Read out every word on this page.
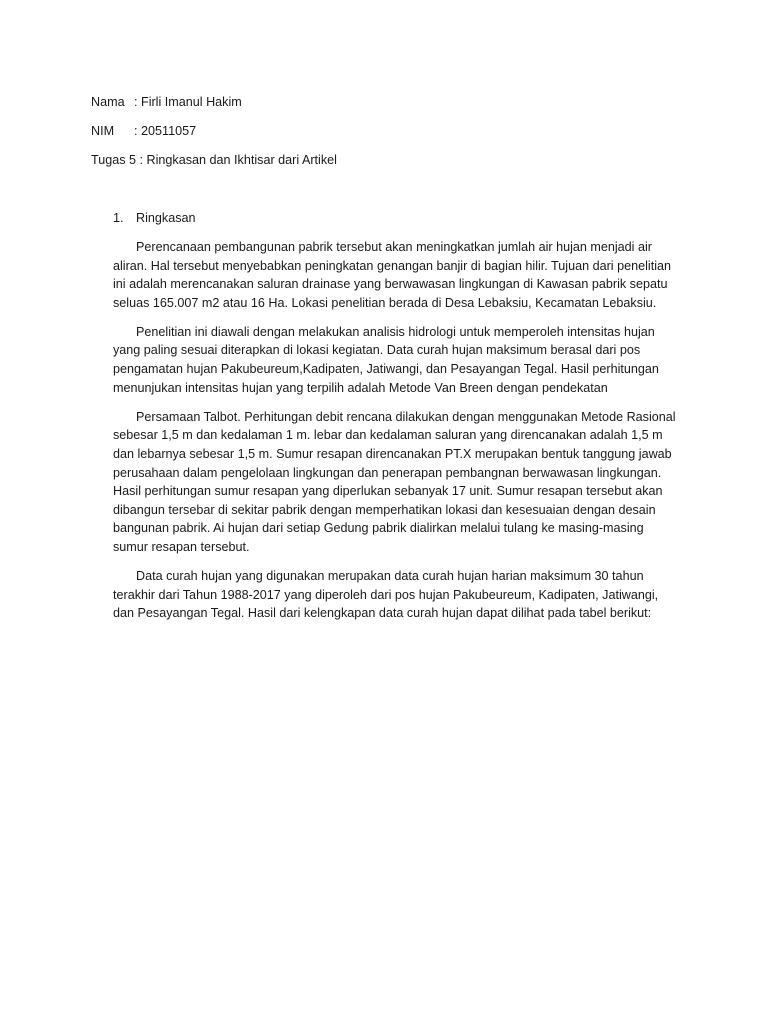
Nama : Firli Imanul Hakim
NIM : 20511057
Tugas 5 : Ringkasan dan Ikhtisar dari Artikel
1. Ringkasan
Perencanaan pembangunan pabrik tersebut akan meningkatkan jumlah air hujan menjadi air
aliran. Hal tersebut menyebabkan peningkatan genangan banjir di bagian hilir. Tujuan dari penelitian
ini adalah merencanakan saluran drainase yang berwawasan lingkungan di Kawasan pabrik sepatu
seluas 165.007 m2 atau 16 Ha. Lokasi penelitian berada di Desa Lebaksiu, Kecamatan Lebaksiu.
Penelitian ini diawali dengan melakukan analisis hidrologi untuk memperoleh intensitas hujan
yang paling sesuai diterapkan di lokasi kegiatan. Data curah hujan maksimum berasal dari pos
pengamatan hujan Pakubeureum,Kadipaten, Jatiwangi, dan Pesayangan Tegal. Hasil perhitungan
menunjukan intensitas hujan yang terpilih adalah Metode Van Breen dengan pendekatan
Persamaan Talbot. Perhitungan debit rencana dilakukan dengan menggunakan Metode Rasional
sebesar 1,5 m dan kedalaman 1 m. lebar dan kedalaman saluran yang direncanakan adalah 1,5 m
dan lebarnya sebesar 1,5 m. Sumur resapan direncanakan PT.X merupakan bentuk tanggung jawab
perusahaan dalam pengelolaan lingkungan dan penerapan pembangnan berwawasan lingkungan.
Hasil perhitungan sumur resapan yang diperlukan sebanyak 17 unit. Sumur resapan tersebut akan
dibangun tersebar di sekitar pabrik dengan memperhatikan lokasi dan kesesuaian dengan desain
bangunan pabrik. Ai hujan dari setiap Gedung pabrik dialirkan melalui tulang ke masing-masing
sumur resapan tersebut.
Data curah hujan yang digunakan merupakan data curah hujan harian maksimum 30 tahun
terakhir dari Tahun 1988-2017 yang diperoleh dari pos hujan Pakubeureum, Kadipaten, Jatiwangi,
dan Pesayangan Tegal. Hasil dari kelengkapan data curah hujan dapat dilihat pada tabel berikut:
